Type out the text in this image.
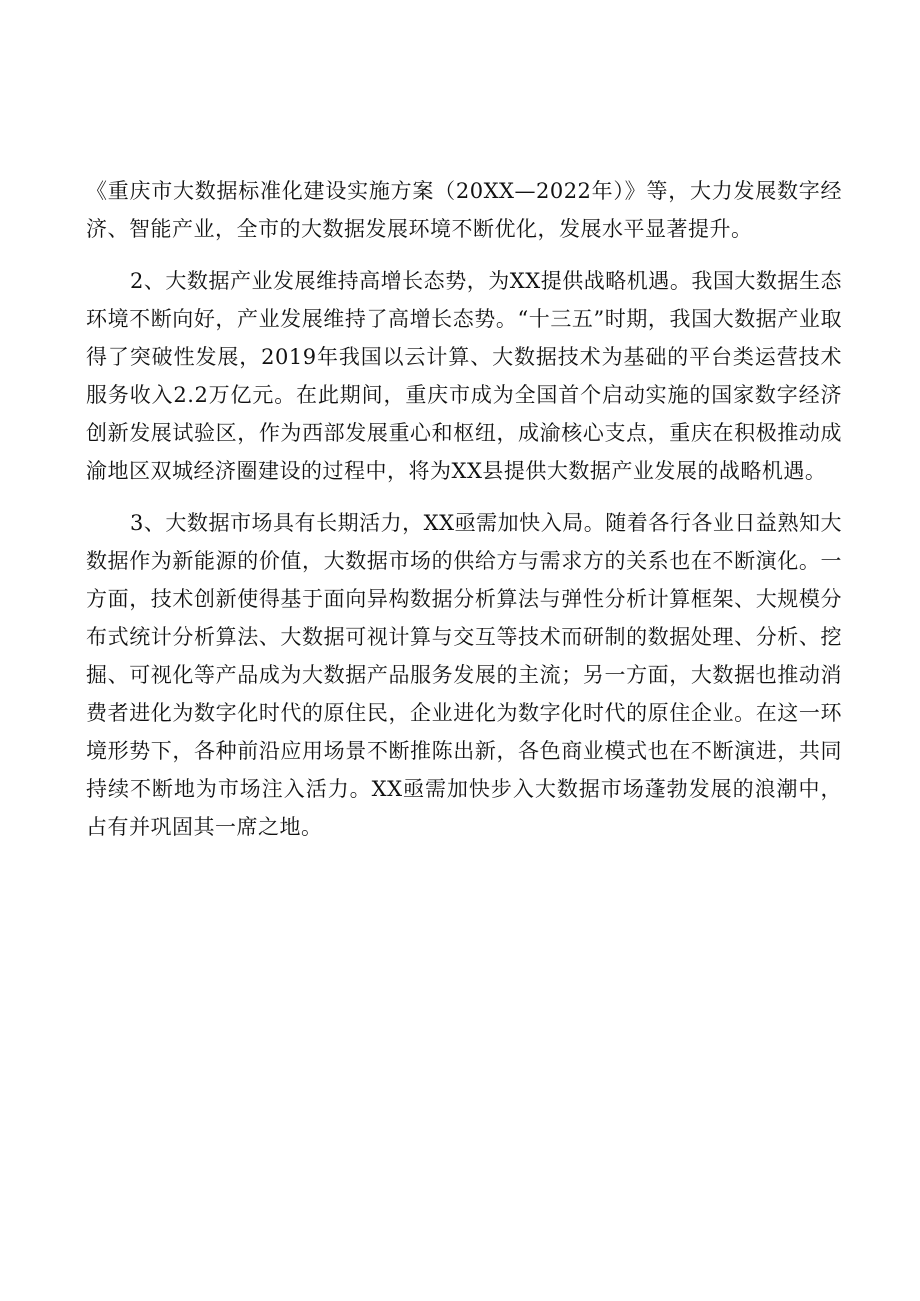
《重庆市大数据标准化建设实施方案（20XX—2022年）》等，大力发展数字经济、智能产业，全市的大数据发展环境不断优化，发展水平显著提升。

2、大数据产业发展维持高增长态势，为XX提供战略机遇。我国大数据生态环境不断向好，产业发展维持了高增长态势。“十三五”时期，我国大数据产业取得了突破性发展，2019年我国以云计算、大数据技术为基础的平台类运营技术服务收入2.2万亿元。在此期间，重庆市成为全国首个启动实施的国家数字经济创新发展试验区，作为西部发展重心和枢纽，成渝核心支点，重庆在积极推动成渝地区双城经济圈建设的过程中，将为XX县提供大数据产业发展的战略机遇。

3、大数据市场具有长期活力，XX亟需加快入局。随着各行各业日益熟知大数据作为新能源的价值，大数据市场的供给方与需求方的关系也在不断演化。一方面，技术创新使得基于面向异构数据分析算法与弹性分析计算框架、大规模分布式统计分析算法、大数据可视计算与交互等技术而研制的数据处理、分析、挖掘、可视化等产品成为大数据产品服务发展的主流；另一方面，大数据也推动消费者进化为数字化时代的原住民，企业进化为数字化时代的原住企业。在这一环境形势下，各种前沿应用场景不断推陈出新，各色商业模式也在不断演进，共同持续不断地为市场注入活力。XX亟需加快步入大数据市场蓬勃发展的浪潮中，占有并巩固其一席之地。
